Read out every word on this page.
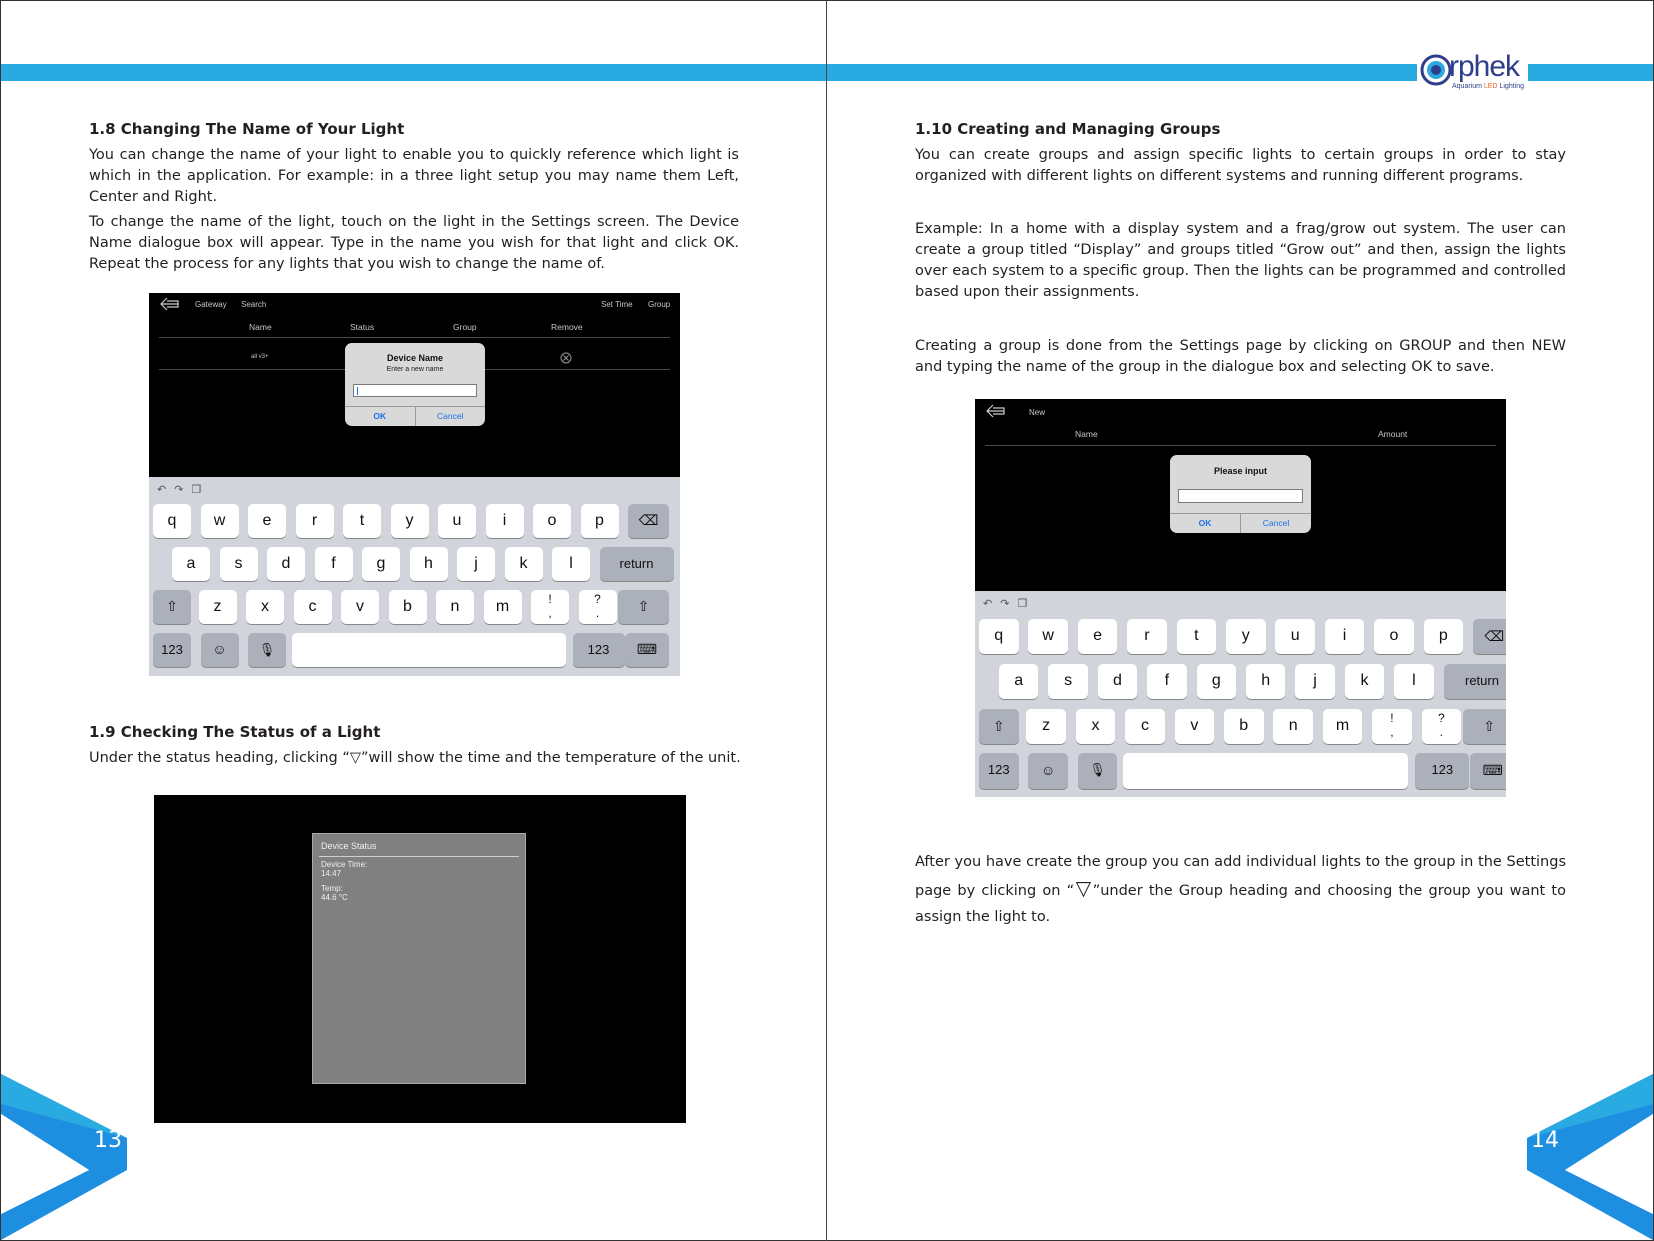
rphek
Aquarium LED Lighting
1.8 Changing The Name of Your Light
You can change the name of your light to enable you to quickly reference which light is which in the application. For example: in a three light setup you may name them Left, Center and Right.
To change the name of the light, touch on the light in the Settings screen. The Device Name dialogue box will appear. Type in the name you wish for that light and click OK. Repeat the process for any lights that you wish to change the name of.
Gateway Search	Set Time Group
Name	Status	Group	Remove
all v3+	Device Name
Enter a new name
OK	Cancel
↶↷❐
q	w	e	r	t	y	u	i	o	p	⌫
a	s	d	f	g	h	j	k	l	return
⇧	z	x	c	v	b	n	m	!
,
?
.	⇧
123	☺	🎙	123	⌨
1.9 Checking The Status of a Light
Under the status heading, clicking “▽”will show the time and the temperature of the unit.
Device Status
Device Time:
14:47
Temp:
44.6 °C
13
1.10 Creating and Managing Groups
You can create groups and assign specific lights to certain groups in order to stay organized with different lights on different systems and running different programs.
Example: In a home with a display system and a frag/grow out system. The user can create a group titled “Display” and groups titled “Grow out” and then, assign the lights over each system to a specific group. Then the lights can be programmed and controlled based upon their assignments.
Creating a group is done from the Settings page by clicking on GROUP and then NEW and typing the name of the group in the dialogue box and selecting OK to save.
New
Name	Amount
Please input
OK	Cancel
↶↷❐
q	w	e	r	t	y	u	i	o	p	⌫
a	s	d	f	g	h	j	k	l	return
⇧	z	x	c	v	b	n	m	!
,
?
.	⇧
123	☺	🎙	123	⌨
After you have create the group you can add individual lights to the group in the Settings page by clicking on “▽”under the Group heading and choosing the group you want to assign the light to.
14
